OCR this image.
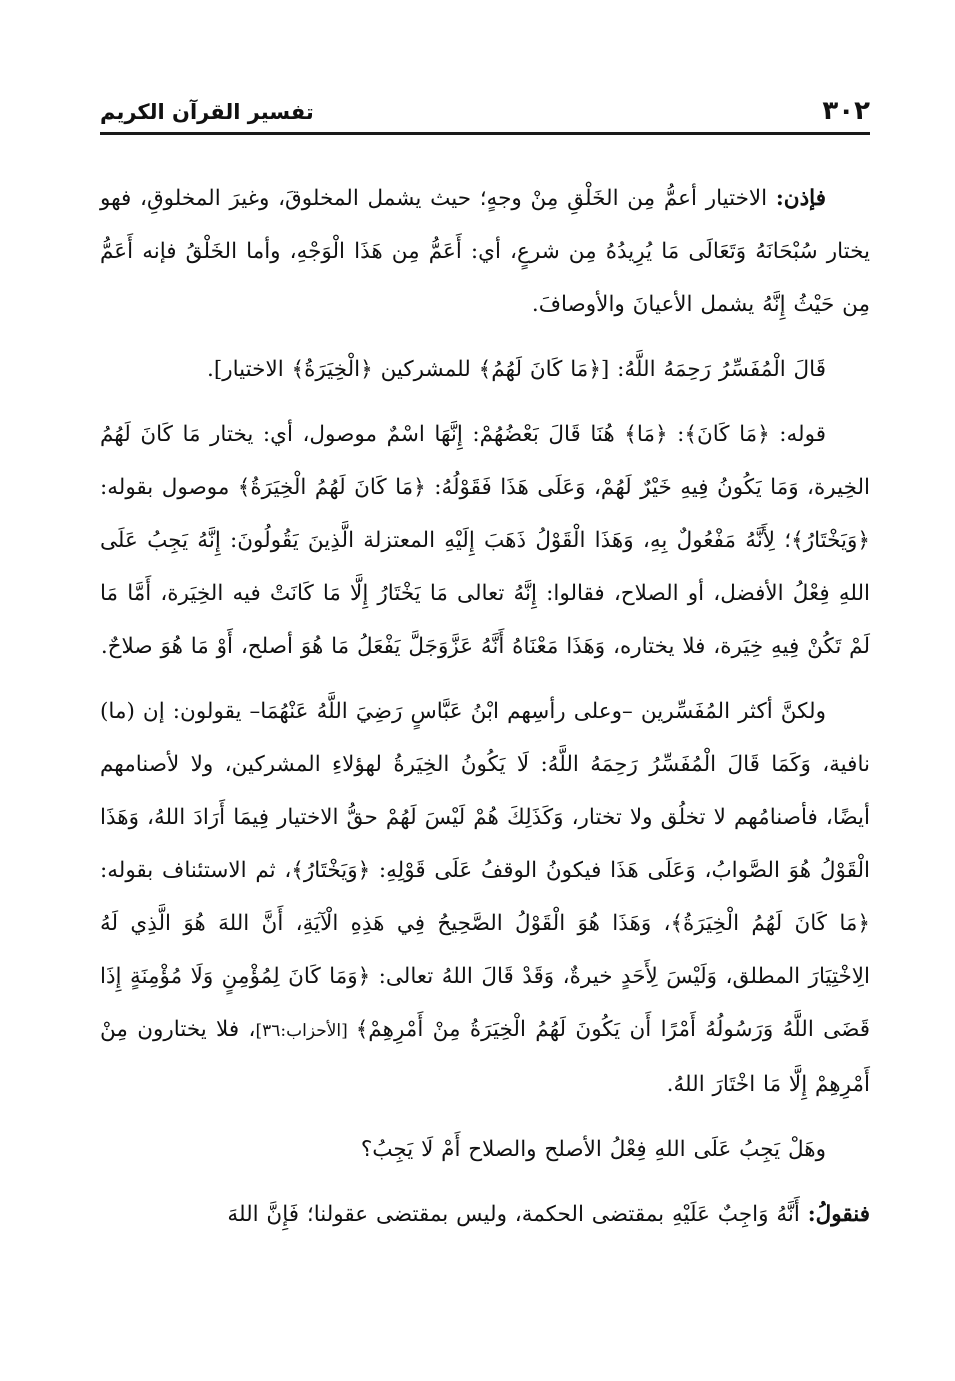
٣٠٢
تفسير القرآن الكريم

فإذن: الاختيار أعمُّ مِن الخَلْقِ مِنْ وجهٍ؛ حيث يشمل المخلوقَ، وغيرَ المخلوقِ، فهو يختار سُبْحَانَهُ وَتَعَالَى مَا يُرِيدُهُ مِن شرعٍ، أي: أَعَمُّ مِن هَذَا الْوَجْهِ، وأما الخَلْقُ فإنه أَعَمُّ مِن حَيْثُ إِنَّهُ يشمل الأعيانَ والأوصافَ.

قَالَ الْمُفَسِّرُ رَحِمَهُ اللَّهُ: [﴿مَا كَانَ لَهُمُ﴾ للمشركين ﴿الْخِيَرَةُ﴾ الاختيار].

قوله: ﴿مَا كَانَ﴾: ﴿مَا﴾ هُنَا قَالَ بَعْضُهُمْ: إِنَّهَا اسْمٌ موصول، أي: يختار مَا كَانَ لَهُمُ الخِيرة، وَمَا يَكُونُ فِيهِ خَيْرٌ لَهُمْ، وَعَلَى هَذَا فَقَوْلُهُ: ﴿مَا كَانَ لَهُمُ الْخِيَرَةُ﴾ موصول بقوله: ﴿وَيَخْتَارُ﴾؛ لِأَنَّهُ مَفْعُولٌ بِهِ، وَهَذَا الْقَوْلُ ذَهَبَ إِلَيْهِ المعتزلة الَّذِينَ يَقُولُونَ: إِنَّهُ يَجِبُ عَلَى اللهِ فِعْلُ الأفضل، أو الصلاح، فقالوا: إِنَّهُ تعالى مَا يَخْتَارُ إِلَّا مَا كَانَتْ فيه الخِيَرة، أَمَّا مَا لَمْ تَكُنْ فِيهِ خِيَرة، فلا يختاره، وَهَذَا مَعْنَاهُ أَنَّهُ عَزَّوَجَلَّ يَفْعَلُ مَا هُوَ أصلح، أَوْ مَا هُوَ صلاحٌ.

ولكنَّ أكثر المُفَسِّرين –وعلى رأسِهم ابْنُ عَبَّاسٍ رَضِيَ اللَّهُ عَنْهُمَا– يقولون: إن (ما) نافية، وَكَمَا قَالَ الْمُفَسِّرُ رَحِمَهُ اللَّهُ: لَا يَكُونُ الخِيَرةُ لهؤلاءِ المشركين، ولا لأصنامهم أيضًا، فأصنامُهم لا تخلُق ولا تختار، وَكَذَلِكَ هُمْ لَيْسَ لَهُمْ حقُّ الاختيار فِيمَا أَرَادَ اللهُ، وَهَذَا الْقَوْلُ هُوَ الصَّوابُ، وَعَلَى هَذَا فيكونُ الوقفُ عَلَى قَوْلِهِ: ﴿وَيَخْتَارُ﴾، ثم الاستئناف بقوله: ﴿مَا كَانَ لَهُمُ الْخِيَرَةُ﴾، وَهَذَا هُوَ الْقَوْلُ الصَّحِيحُ فِي هَذِهِ الْآيَةِ، أَنَّ اللهَ هُوَ الَّذِي لَهُ الِاخْتِيَارَ المطلق، وَلَيْسَ لِأَحَدٍ خيرةٌ، وَقَدْ قَالَ اللهُ تعالى: ﴿وَمَا كَانَ لِمُؤْمِنٍ وَلَا مُؤْمِنَةٍ إِذَا قَضَى اللَّهُ وَرَسُولُهُ أَمْرًا أَن يَكُونَ لَهُمُ الْخِيَرَةُ مِنْ أَمْرِهِمْ﴾ [الأحزاب:٣٦]، فلا يختارون مِنْ أَمْرِهِمْ إِلَّا مَا اخْتَارَ اللهُ.

وهَلْ يَجِبُ عَلَى اللهِ فِعْلُ الأصلح والصلاح أَمْ لَا يَجِبُ؟

فنقولُ: أَنَّهُ وَاجِبٌ عَلَيْهِ بمقتضى الحكمة، وليس بمقتضى عقولنا؛ فَإِنَّ اللهَ
